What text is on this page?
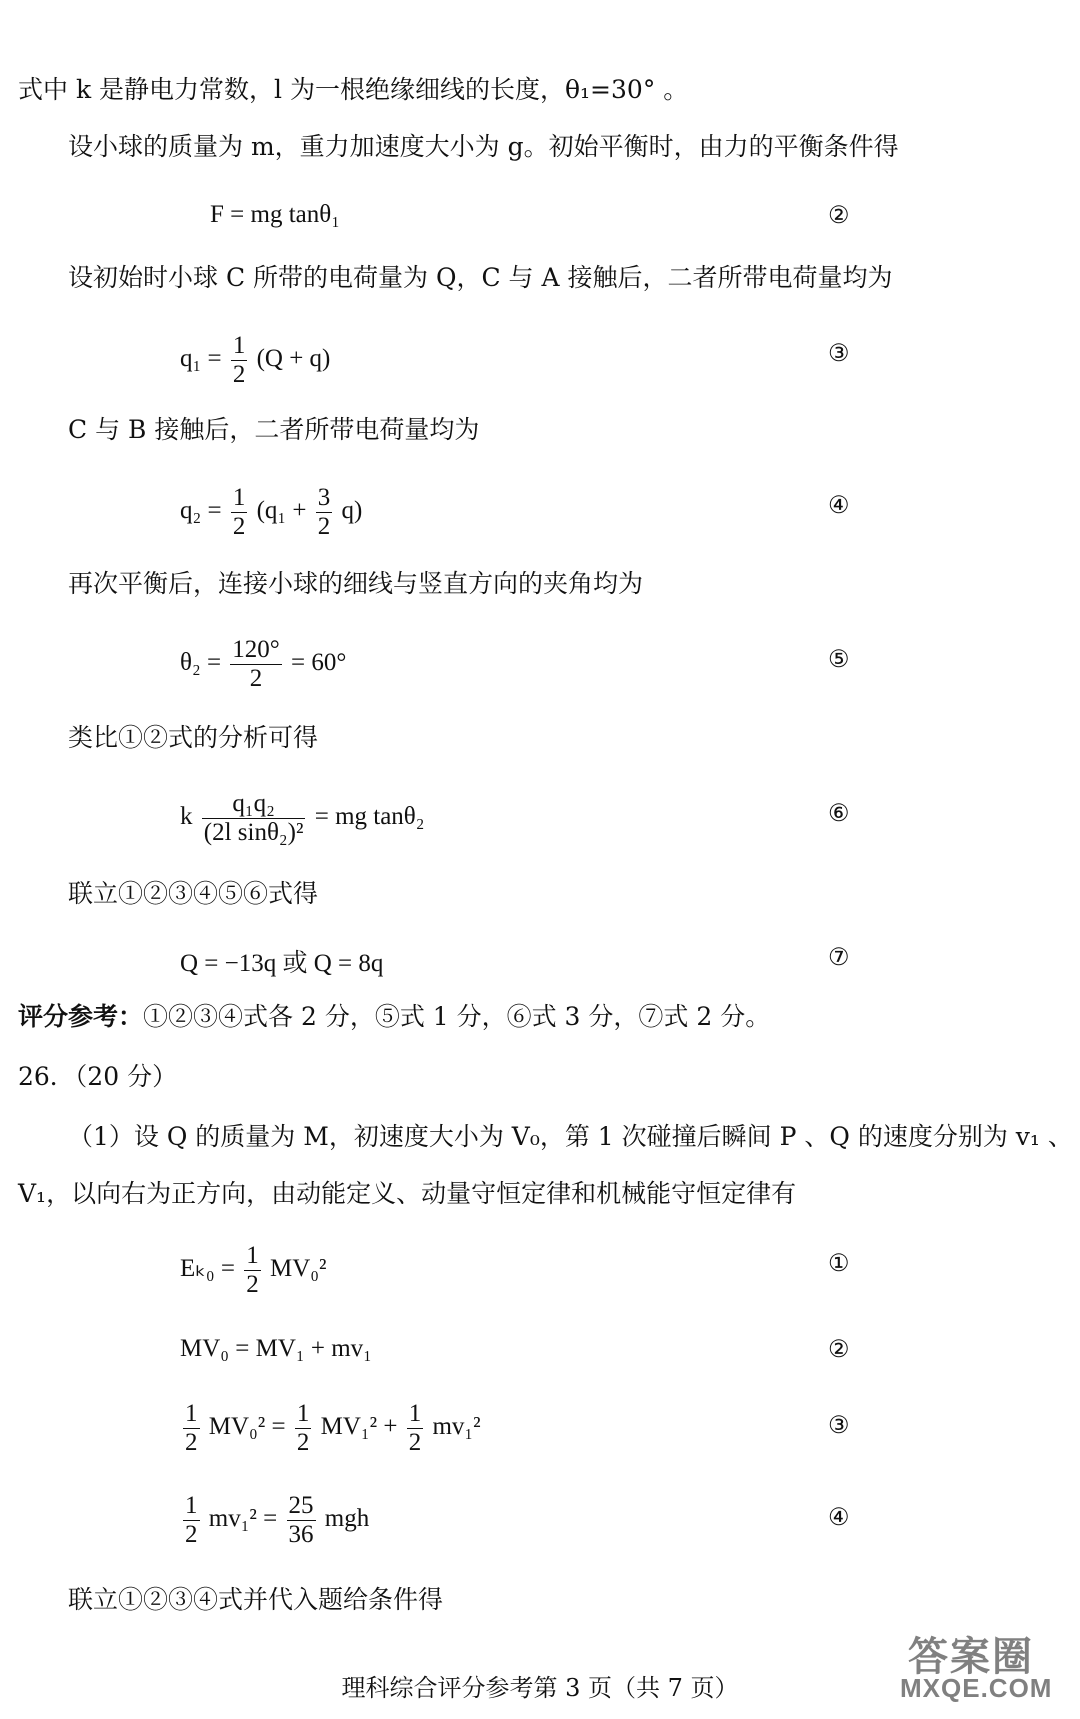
式中 k 是静电力常数，l 为一根绝缘细线的长度，θ₁=30° 。
设小球的质量为 m，重力加速度大小为 g。初始平衡时，由力的平衡条件得
F = mg tanθ₁	②
设初始时小球 C 所带的电荷量为 Q，C 与 A 接触后，二者所带电荷量均为
$q_1 = \frac{1}{2} (Q + q)$	③
C 与 B 接触后，二者所带电荷量均为
$q_2 = \frac{1}{2} (q_1 + \frac{3}{2} q)$	④
再次平衡后，连接小球的细线与竖直方向的夹角均为
$\theta_2 = \frac{120^\circ}{2} = 60^\circ$	⑤
类比①②式的分析可得
k $\frac{\text{q₁q₂}}{\text{(2l sinθ₂)²}}$ = mg tanθ₂	⑥
联立①②③④⑤⑥式得
Q = −13q 或 Q = 8q	⑦
评分参考：①②③④式各 2 分，⑤式 1 分，⑥式 3 分，⑦式 2 分。
26．（20 分）
（1）设 Q 的质量为 M，初速度大小为 V₀，第 1 次碰撞后瞬间 P 、Q 的速度分别为 v₁ 、
V₁，以向右为正方向，由动能定义、动量守恒定律和机械能守恒定律有
$E_{k0} = \frac{1}{2} MV_0^2$	①
MV₀ = MV₁ + mv₁	②
$\frac{1}{2} MV_0^2 = \frac{1}{2} MV_1^2 + \frac{1}{2} mv_1^2$	③
$\frac{1}{2} mv_1^2 = \frac{25}{36}$ mgh	④
联立①②③④式并代入题给条件得
理科综合评分参考第 3 页（共 7 页）
答案圈
MXQE.COM
